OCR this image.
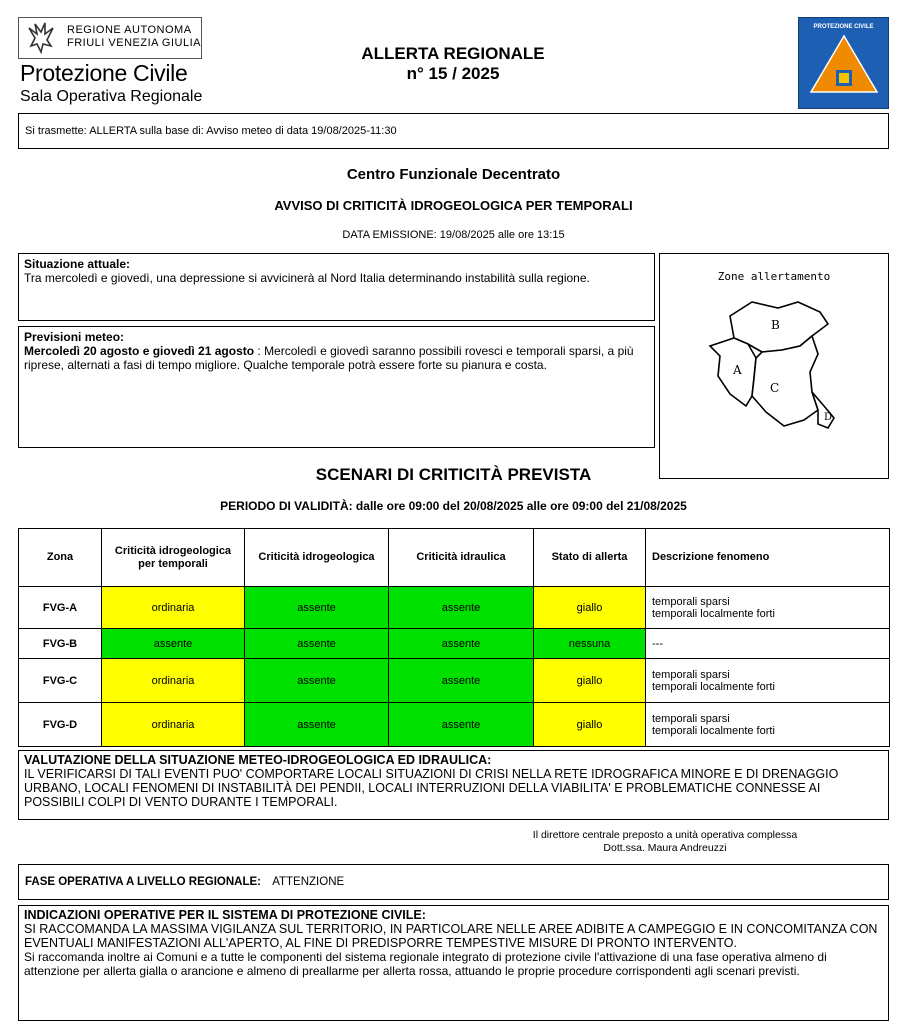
REGIONE AUTONOMA
FRIULI VENEZIA GIULIA
Protezione Civile
Sala Operativa Regionale
ALLERTA REGIONALE
n° 15 / 2025
PROTEZIONE CIVILE
Si trasmette: ALLERTA sulla base di: Avviso meteo di data 19/08/2025-11:30
Centro Funzionale Decentrato
AVVISO DI CRITICITÀ IDROGEOLOGICA PER TEMPORALI
DATA EMISSIONE: 19/08/2025 alle ore 13:15
Situazione attuale:
Tra mercoledì e giovedì, una depressione si avvicinerà al Nord Italia determinando instabilità sulla regione.
Previsioni meteo:
Mercoledì 20 agosto e giovedì 21 agosto : Mercoledì e giovedì saranno possibili rovesci e temporali sparsi, a più riprese, alternati a fasi di tempo migliore. Qualche temporale potrà essere forte su pianura e costa.
Zone allertamento
A
B
C
D
SCENARI DI CRITICITÀ PREVISTA
PERIODO DI VALIDITÀ: dalle ore 09:00 del 20/08/2025 alle ore 09:00 del 21/08/2025
Zona	Criticità idrogeologica per temporali	Criticità idrogeologica	Criticità idraulica	Stato di allerta	Descrizione fenomeno
FVG-A	ordinaria	assente	assente	giallo	temporali sparsi
temporali localmente forti

FVG-B	assente	assente	assente	nessuna	---

FVG-C	ordinaria	assente	assente	giallo	temporali sparsi
temporali localmente forti

FVG-D	ordinaria	assente	assente	giallo	temporali sparsi
temporali localmente forti
VALUTAZIONE DELLA SITUAZIONE METEO-IDROGEOLOGICA ED IDRAULICA:
IL VERIFICARSI DI TALI EVENTI PUO' COMPORTARE LOCALI SITUAZIONI DI CRISI NELLA RETE IDROGRAFICA MINORE E DI DRENAGGIO URBANO, LOCALI FENOMENI DI INSTABILITÀ DEI PENDII, LOCALI INTERRUZIONI DELLA VIABILITA' E PROBLEMATICHE CONNESSE AI POSSIBILI COLPI DI VENTO DURANTE I TEMPORALI.
Il direttore centrale preposto a unità operativa complessa
Dott.ssa. Maura Andreuzzi
FASE OPERATIVA A LIVELLO REGIONALE: ATTENZIONE
INDICAZIONI OPERATIVE PER IL SISTEMA DI PROTEZIONE CIVILE:
SI RACCOMANDA LA MASSIMA VIGILANZA SUL TERRITORIO, IN PARTICOLARE NELLE AREE ADIBITE A CAMPEGGIO E IN CONCOMITANZA CON EVENTUALI MANIFESTAZIONI ALL'APERTO, AL FINE DI PREDISPORRE TEMPESTIVE MISURE DI PRONTO INTERVENTO.
Si raccomanda inoltre ai Comuni e a tutte le componenti del sistema regionale integrato di protezione civile l'attivazione di una fase operativa almeno di attenzione per allerta gialla o arancione e almeno di preallarme per allerta rossa, attuando le proprie procedure corrispondenti agli scenari previsti.
